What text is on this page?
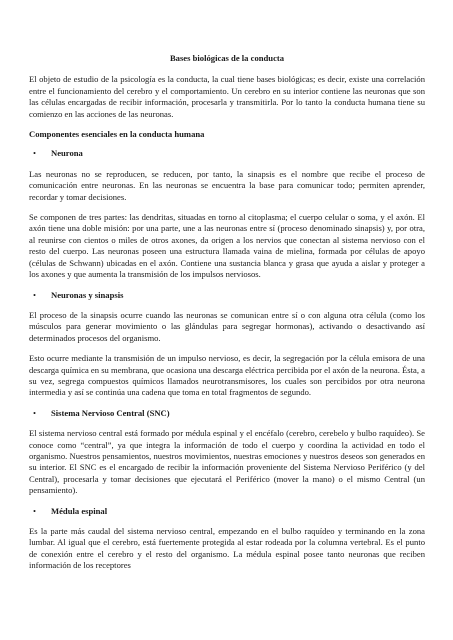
Bases biológicas de la conducta

El objeto de estudio de la psicología es la conducta, la cual tiene bases biológicas; es decir, existe una correlación entre el funcionamiento del cerebro y el comportamiento. Un cerebro en su interior contiene las neuronas que son las células encargadas de recibir información, procesarla y transmitirla. Por lo tanto la conducta humana tiene su comienzo en las acciones de las neuronas.

Componentes esenciales en la conducta humana
•	Neurona

Las neuronas no se reproducen, se reducen, por tanto, la sinapsis es el nombre que recibe el proceso de comunicación entre neuronas. En las neuronas se encuentra la base para comunicar todo; permiten aprender, recordar y tomar decisiones.

Se componen de tres partes: las dendritas, situadas en torno al citoplasma; el cuerpo celular o soma, y el axón. El axón tiene una doble misión: por una parte, une a las neuronas entre sí (proceso denominado sinapsis) y, por otra, al reunirse con cientos o miles de otros axones, da origen a los nervios que conectan al sistema nervioso con el resto del cuerpo. Las neuronas poseen una estructura llamada vaina de mielina, formada por células de apoyo (células de Schwann) ubicadas en el axón. Contiene una sustancia blanca y grasa que ayuda a aislar y proteger a los axones y que aumenta la transmisión de los impulsos nerviosos.

•	Neuronas y sinapsis

El proceso de la sinapsis ocurre cuando las neuronas se comunican entre sí o con alguna otra célula (como los músculos para generar movimiento o las glándulas para segregar hormonas), activando o desactivando así determinados procesos del organismo.

Esto ocurre mediante la transmisión de un impulso nervioso, es decir, la segregación por la célula emisora de una descarga química en su membrana, que ocasiona una descarga eléctrica percibida por el axón de la neurona. Ésta, a su vez, segrega compuestos químicos llamados neurotransmisores, los cuales son percibidos por otra neurona intermedia y así se continúa una cadena que toma en total fragmentos de segundo.

•	Sistema Nervioso Central (SNC)

El sistema nervioso central está formado por médula espinal y el encéfalo (cerebro, cerebelo y bulbo raquídeo). Se conoce como “central”, ya que integra la información de todo el cuerpo y coordina la actividad en todo el organismo. Nuestros pensamientos, nuestros movimientos, nuestras emociones y nuestros deseos son generados en su interior. El SNC es el encargado de recibir la información proveniente del Sistema Nervioso Periférico (y del Central), procesarla y tomar decisiones que ejecutará el Periférico (mover la mano) o el mismo Central (un pensamiento).

•	Médula espinal

Es la parte más caudal del sistema nervioso central, empezando en el bulbo raquídeo y terminando en la zona lumbar. Al igual que el cerebro, está fuertemente protegida al estar rodeada por la columna vertebral. Es el punto de conexión entre el cerebro y el resto del organismo. La médula espinal posee tanto neuronas que reciben información de los receptores
